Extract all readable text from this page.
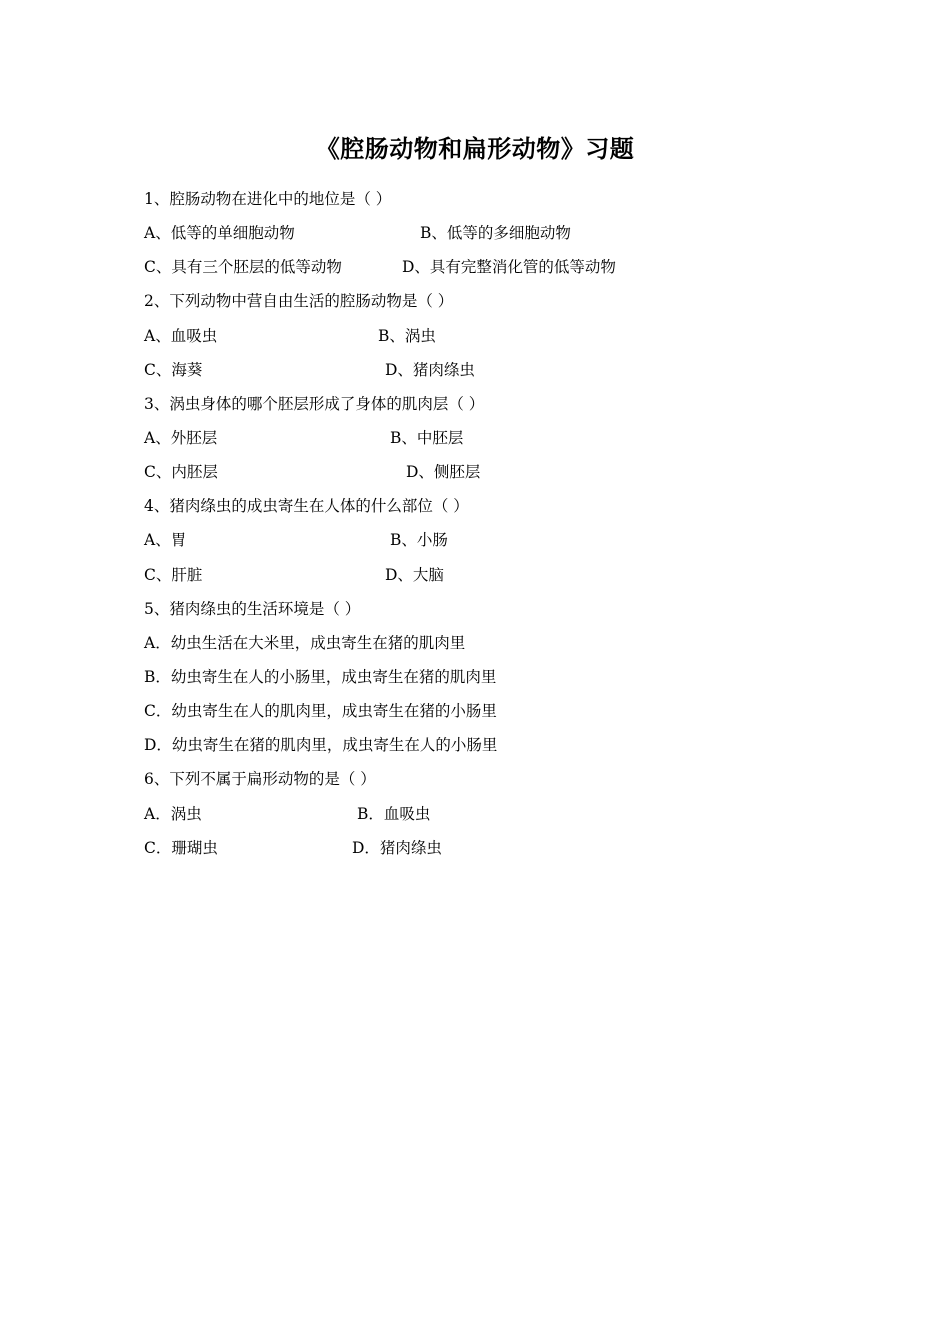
《腔肠动物和扁形动物》习题
1、腔肠动物在进化中的地位是（ ）
A、低等的单细胞动物	B、低等的多细胞动物
C、具有三个胚层的低等动物	D、具有完整消化管的低等动物
2、下列动物中营自由生活的腔肠动物是（ ）
A、血吸虫	B、涡虫
C、海葵	D、猪肉绦虫
3、涡虫身体的哪个胚层形成了身体的肌肉层（ ）
A、外胚层	B、中胚层
C、内胚层	D、侧胚层
4、猪肉绦虫的成虫寄生在人体的什么部位（ ）
A、胃	B、小肠
C、肝脏	D、大脑
5、猪肉绦虫的生活环境是（ ）
A．幼虫生活在大米里，成虫寄生在猪的肌肉里
B．幼虫寄生在人的小肠里，成虫寄生在猪的肌肉里
C．幼虫寄生在人的肌肉里，成虫寄生在猪的小肠里
D．幼虫寄生在猪的肌肉里，成虫寄生在人的小肠里
6、下列不属于扁形动物的是（ ）
A．涡虫	B．血吸虫
C．珊瑚虫	D．猪肉绦虫
